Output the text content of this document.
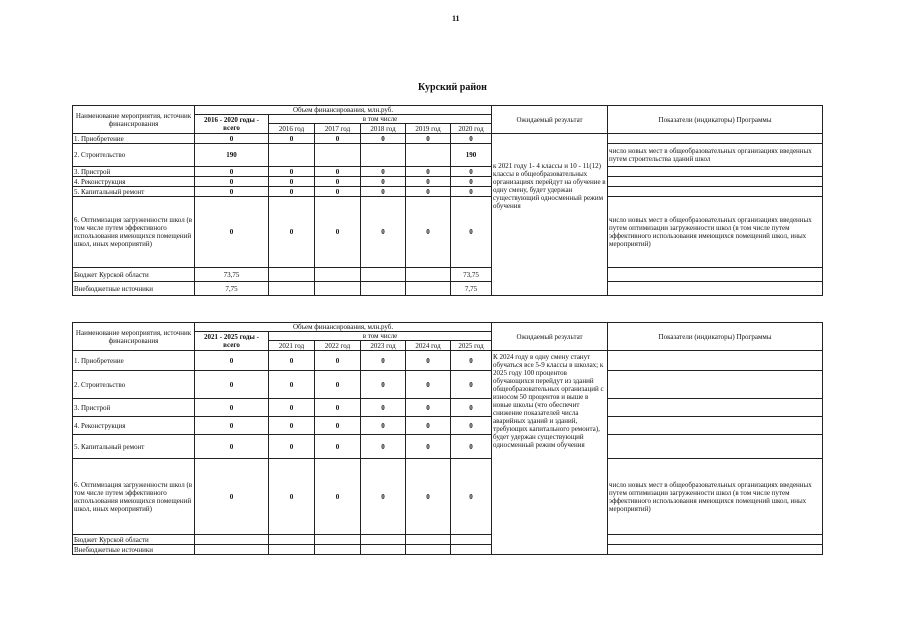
11
Курский район
Наименование мероприятия, источник финансирования	Объем финансирования, млн.руб.						Ожидаемый результат	Показатели (индикаторы) Программы
	2016 - 2020 годы - всего	в том числе						
		2016 год	2017 год	2018 год	2019 год	2020 год		
1. Приобретение	0	0	0	0	0	0	к 2021 году 1- 4 классы и 10 - 11(12) классы в общеобразовательных организациях перейдут на обучение в одну смену, будет удержан существующий односменный режим обучения	
2. Строительство	190					190		число новых мест в общеобразовательных организациях введенных путем строительства зданий школ
3. Пристрой	0	0	0	0	0	0		
4. Реконструкция	0	0	0	0	0	0		
5. Капитальный ремонт	0	0	0	0	0	0		
6. Оптимизация загруженности школ (в том числе путем эффективного использования имеющихся помещений школ, иных мероприятий)	0	0	0	0	0	0		число новых мест в общеобразовательных организациях введенных путем оптимизации загруженности школ (в том числе путем эффективного использования имеющихся помещений школ, иных мероприятий)
Бюджет Курской области	73,75					73,75		
Внебюджетные источники	7,75					7,75		
Наименование мероприятия, источник финансирования	Объем финансирования, млн.руб.						Ожидаемый результат	Показатели (индикаторы) Программы
	2021 - 2025 годы - всего	в том числе						
		2021 год	2022 год	2023 год	2024 год	2025 год		
1. Приобретение	0	0	0	0	0	0	К 2024 году в одну смену станут обучаться все 5-9 классы в школах; к 2025 году 100 процентов обучающихся перейдут из зданий общеобразовательных организаций с износом 50 процентов и выше в новые школы (что обеспечит снижение показателей числа аварийных зданий и зданий, требующих капитального ремонта), будет удержан существующий односменный режим обучения	
2. Строительство	0	0	0	0	0	0		
3. Пристрой	0	0	0	0	0	0		
4. Реконструкция	0	0	0	0	0	0		
5. Капитальный ремонт	0	0	0	0	0	0		
6. Оптимизация загруженности школ (в том числе путем эффективного использования имеющихся помещений школ, иных мероприятий)	0	0	0	0	0	0		число новых мест в общеобразовательных организациях введенных путем оптимизации загруженности школ (в том числе путем эффективного использования имеющихся помещений школ, иных мероприятий)
Бюджет Курской области								
Внебюджетные источники								
